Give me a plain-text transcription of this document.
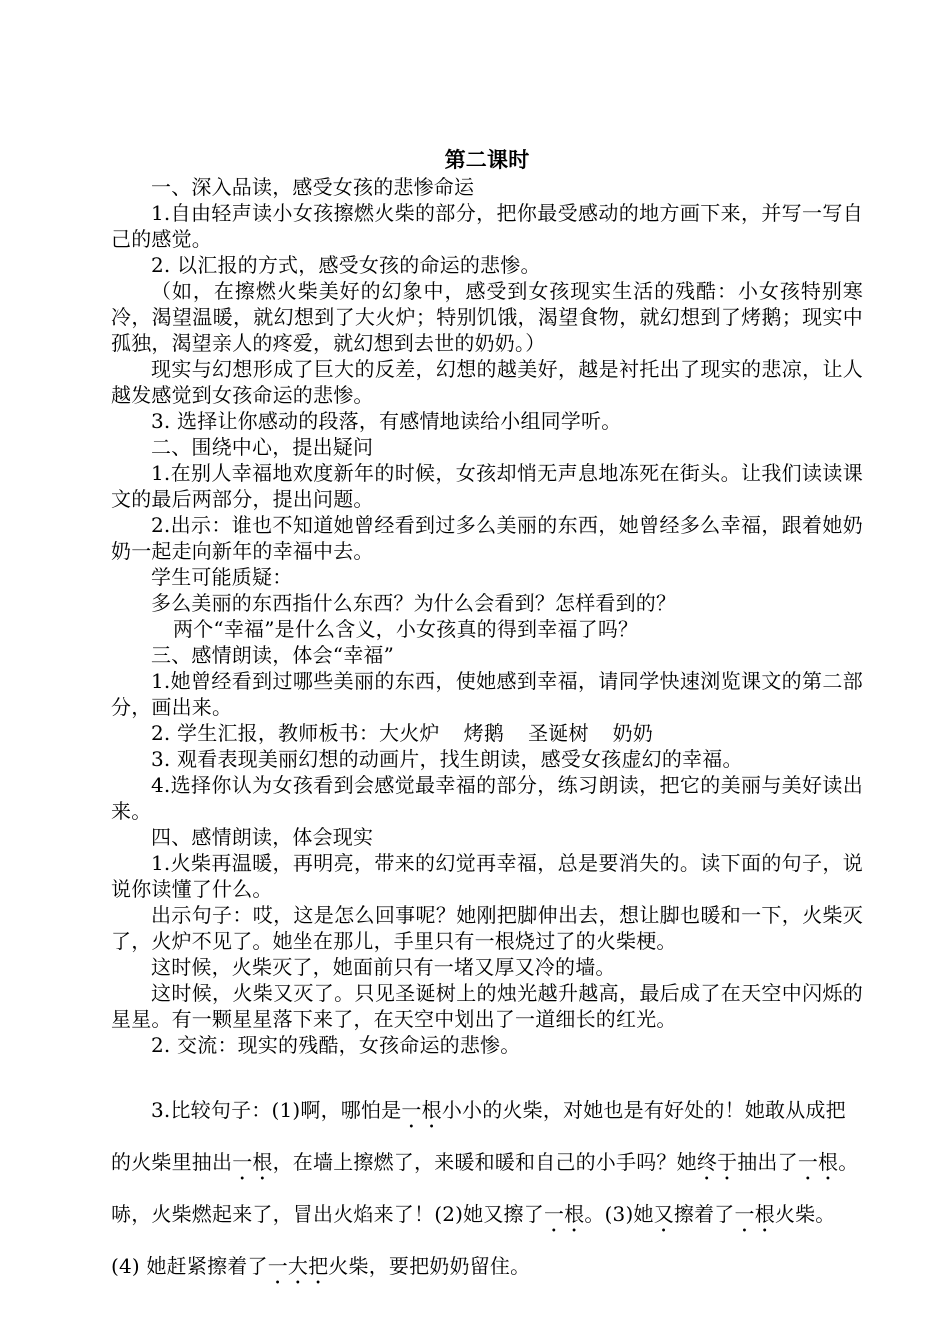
第二课时

一、深入品读，感受女孩的悲惨命运

1.自由轻声读小女孩擦燃火柴的部分，把你最受感动的地方画下来，并写一写自己的感觉。

2. 以汇报的方式，感受女孩的命运的悲惨。

（如，在擦燃火柴美好的幻象中，感受到女孩现实生活的残酷：小女孩特别寒冷，渴望温暖，就幻想到了大火炉；特别饥饿，渴望食物，就幻想到了烤鹅；现实中孤独，渴望亲人的疼爱，就幻想到去世的奶奶。）

现实与幻想形成了巨大的反差，幻想的越美好，越是衬托出了现实的悲凉，让人越发感觉到女孩命运的悲惨。

3. 选择让你感动的段落，有感情地读给小组同学听。

二、围绕中心，提出疑问

1.在别人幸福地欢度新年的时候，女孩却悄无声息地冻死在街头。让我们读读课文的最后两部分，提出问题。

2.出示：谁也不知道她曾经看到过多么美丽的东西，她曾经多么幸福，跟着她奶奶一起走向新年的幸福中去。

学生可能质疑：

多么美丽的东西指什么东西？为什么会看到？怎样看到的？

两个“幸福”是什么含义，小女孩真的得到幸福了吗？

三、感情朗读，体会“幸福”

1.她曾经看到过哪些美丽的东西，使她感到幸福，请同学快速浏览课文的第二部分，画出来。

2. 学生汇报，教师板书：大火炉 烤鹅 圣诞树 奶奶

3. 观看表现美丽幻想的动画片，找生朗读，感受女孩虚幻的幸福。

4.选择你认为女孩看到会感觉最幸福的部分，练习朗读，把它的美丽与美好读出来。

四、感情朗读，体会现实

1.火柴再温暖，再明亮，带来的幻觉再幸福，总是要消失的。读下面的句子，说说你读懂了什么。

出示句子：哎，这是怎么回事呢？她刚把脚伸出去，想让脚也暖和一下，火柴灭了，火炉不见了。她坐在那儿，手里只有一根烧过了的火柴梗。

这时候，火柴灭了，她面前只有一堵又厚又冷的墙。

这时候，火柴又灭了。只见圣诞树上的烛光越升越高，最后成了在天空中闪烁的星星。有一颗星星落下来了，在天空中划出了一道细长的红光。

2. 交流：现实的残酷，女孩命运的悲惨。

3.比较句子：(1)啊，哪怕是一根小小的火柴，对她也是有好处的！她敢从成把的火柴里抽出一根，在墙上擦燃了，来暖和暖和自己的小手吗？她终于抽出了一根。哧，火柴燃起来了，冒出火焰来了！(2)她又擦了一根。(3)她又擦着了一根火柴。 (4) 她赶紧擦着了一大把火柴，要把奶奶留住。
